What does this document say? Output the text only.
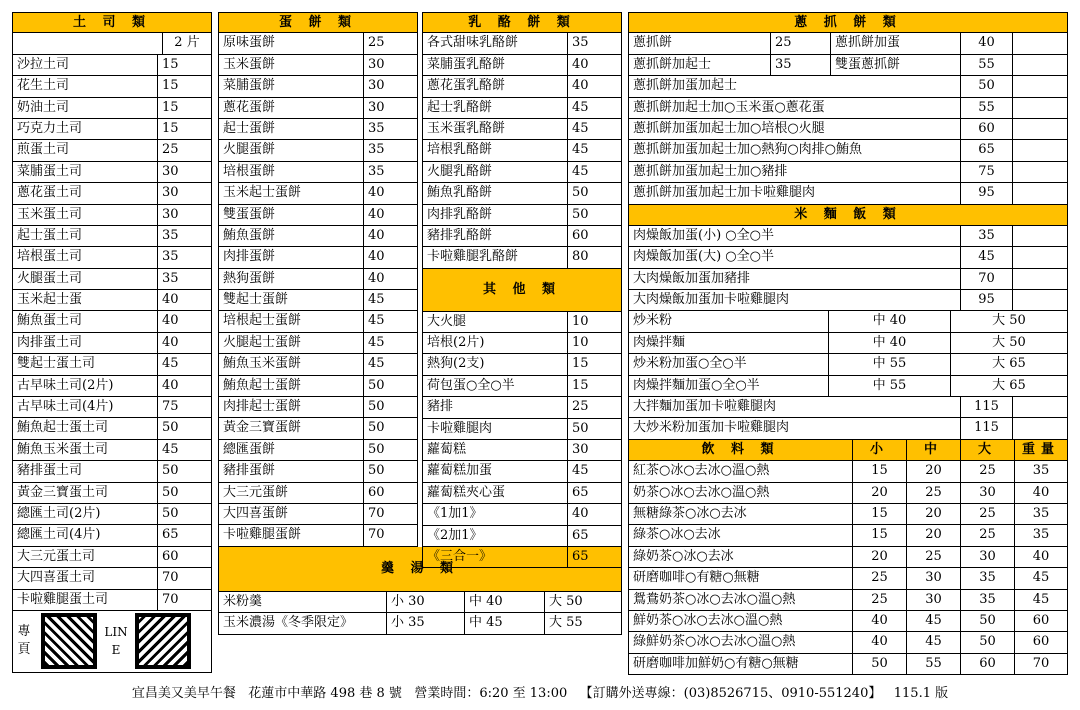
土 司 類
2 片
沙拉土司	15
花生土司	15
奶油土司	15
巧克力土司	15
煎蛋土司	25
菜脯蛋土司	30
蔥花蛋土司	30
玉米蛋土司	30
起士蛋土司	35
培根蛋土司	35
火腿蛋土司	35
玉米起士蛋	40
鮪魚蛋土司	40
肉排蛋土司	40
雙起士蛋土司	45
古早味土司(2片)	40
古早味土司(4片)	75
鮪魚起士蛋土司	50
鮪魚玉米蛋土司	45
豬排蛋土司	50
黃金三寶蛋土司	50
總匯土司(2片)	50
總匯土司(4片)	65
大三元蛋土司	60
大四喜蛋土司	70
卡啦雞腿蛋土司	70
專頁
LINE
蛋 餅 類
原味蛋餅	25
玉米蛋餅	30
菜脯蛋餅	30
蔥花蛋餅	30
起士蛋餅	35
火腿蛋餅	35
培根蛋餅	35
玉米起士蛋餅	40
雙蛋蛋餅	40
鮪魚蛋餅	40
肉排蛋餅	40
熱狗蛋餅	40
雙起士蛋餅	45
培根起士蛋餅	45
火腿起士蛋餅	45
鮪魚玉米蛋餅	45
鮪魚起士蛋餅	50
肉排起士蛋餅	50
黃金三寶蛋餅	50
總匯蛋餅	50
豬排蛋餅	50
大三元蛋餅	60
大四喜蛋餅	70
卡啦雞腿蛋餅	70
羹 湯 類
米粉羹	小 30	中 40	大 50
玉米濃湯《冬季限定》	小 35	中 45	大 55
乳 酪 餅 類
各式甜味乳酪餅	35
菜脯蛋乳酪餅	40
蔥花蛋乳酪餅	40
起士乳酪餅	45
玉米蛋乳酪餅	45
培根乳酪餅	45
火腿乳酪餅	45
鮪魚乳酪餅	50
肉排乳酪餅	50
豬排乳酪餅	60
卡啦雞腿乳酪餅	80
其 他 類
大火腿	10
培根(2片)	10
熱狗(2支)	15
荷包蛋○全○半	15
豬排	25
卡啦雞腿肉	50
蘿蔔糕	30
蘿蔔糕加蛋	45
蘿蔔糕夾心蛋	65
《1加1》	40
《2加1》	65
《三合一》	65
蔥 抓 餅 類
蔥抓餅	25	蔥抓餅加蛋	40
蔥抓餅加起士	35	雙蛋蔥抓餅	55
蔥抓餅加蛋加起士	50
蔥抓餅加起士加○玉米蛋○蔥花蛋	55
蔥抓餅加蛋加起士加○培根○火腿	60
蔥抓餅加蛋加起士加○熱狗○肉排○鮪魚	65
蔥抓餅加蛋加起士加○豬排	75
蔥抓餅加蛋加起士加卡啦雞腿肉	95
米 麵 飯 類
肉燥飯加蛋(小) ○全○半	35
肉燥飯加蛋(大) ○全○半	45
大肉燥飯加蛋加豬排	70
大肉燥飯加蛋加卡啦雞腿肉	95
炒米粉	中 40	大 50
肉燥拌麵	中 40	大 50
炒米粉加蛋○全○半	中 55	大 65
肉燥拌麵加蛋○全○半	中 55	大 65
大拌麵加蛋加卡啦雞腿肉	115
大炒米粉加蛋加卡啦雞腿肉	115
飲 料 類	小	中	大	重量
紅茶○冰○去冰○溫○熱	15	20	25	35
奶茶○冰○去冰○溫○熱	20	25	30	40
無糖綠茶○冰○去冰	15	20	25	35
綠茶○冰○去冰	15	20	25	35
綠奶茶○冰○去冰	20	25	30	40
研磨咖啡○有糖○無糖	25	30	35	45
鴛鴦奶茶○冰○去冰○溫○熱	25	30	35	45
鮮奶茶○冰○去冰○溫○熱	40	45	50	60
綠鮮奶茶○冰○去冰○溫○熱	40	45	50	60
研磨咖啡加鮮奶○有糖○無糖	50	55	60	70
宜昌美又美早午餐 花蓮市中華路 498 巷 8 號 營業時間：6:20 至 13:00 【訂購外送專線：(03)8526715、0910-551240】 115.1 版
